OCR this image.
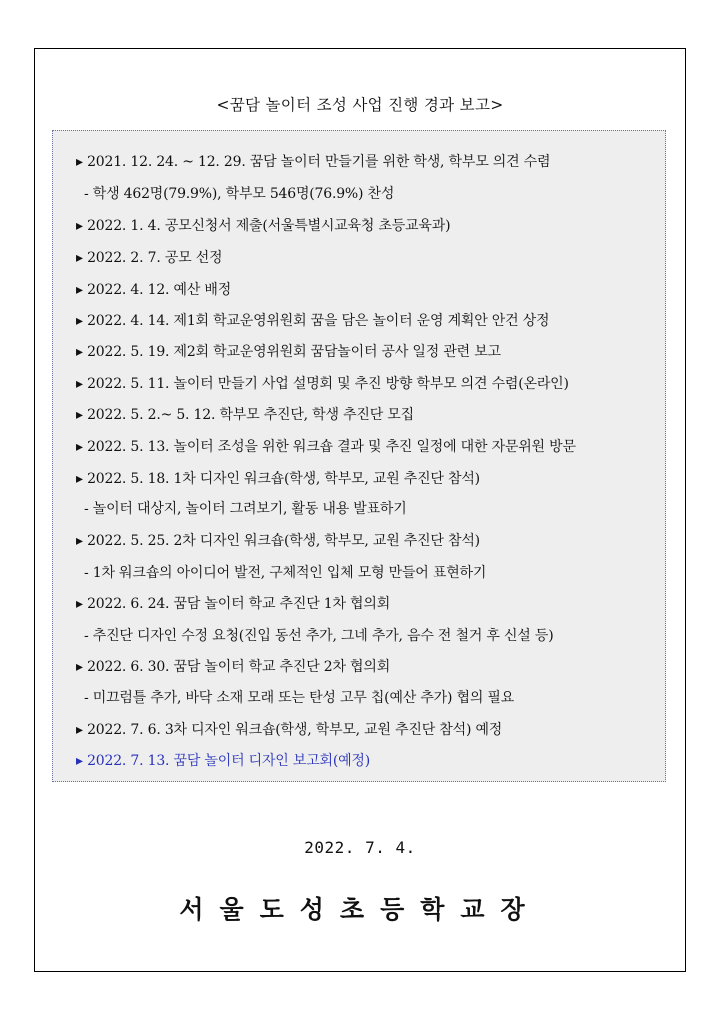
<꿈담 놀이터 조성 사업 진행 경과 보고>
▸ 2021. 12. 24. ~ 12. 29. 꿈담 놀이터 만들기를 위한 학생, 학부모 의견 수렴
- 학생 462명(79.9%), 학부모 546명(76.9%) 찬성
▸ 2022. 1. 4. 공모신청서 제출(서울특별시교육청 초등교육과)
▸ 2022. 2. 7. 공모 선정
▸ 2022. 4. 12. 예산 배정
▸ 2022. 4. 14. 제1회 학교운영위원회 꿈을 담은 놀이터 운영 계획안 안건 상정
▸ 2022. 5. 19. 제2회 학교운영위원회 꿈담놀이터 공사 일정 관련 보고
▸ 2022. 5. 11. 놀이터 만들기 사업 설명회 및 추진 방향 학부모 의견 수렴(온라인)
▸ 2022. 5. 2.~ 5. 12. 학부모 추진단, 학생 추진단 모집
▸ 2022. 5. 13. 놀이터 조성을 위한 워크숍 결과 및 추진 일정에 대한 자문위원 방문
▸ 2022. 5. 18. 1차 디자인 워크숍(학생, 학부모, 교원 추진단 참석)
- 놀이터 대상지, 놀이터 그려보기, 활동 내용 발표하기
▸ 2022. 5. 25. 2차 디자인 워크숍(학생, 학부모, 교원 추진단 참석)
- 1차 워크숍의 아이디어 발전, 구체적인 입체 모형 만들어 표현하기
▸ 2022. 6. 24. 꿈담 놀이터 학교 추진단 1차 협의회
- 추진단 디자인 수정 요청(진입 동선 추가, 그네 추가, 음수 전 철거 후 신설 등)
▸ 2022. 6. 30. 꿈담 놀이터 학교 추진단 2차 협의회
- 미끄럼틀 추가, 바닥 소재 모래 또는 탄성 고무 칩(예산 추가) 협의 필요
▸ 2022. 7. 6. 3차 디자인 워크숍(학생, 학부모, 교원 추진단 참석) 예정
▸ 2022. 7. 13. 꿈담 놀이터 디자인 보고회(예정)
2022. 7. 4.
서울도성초등학교장
